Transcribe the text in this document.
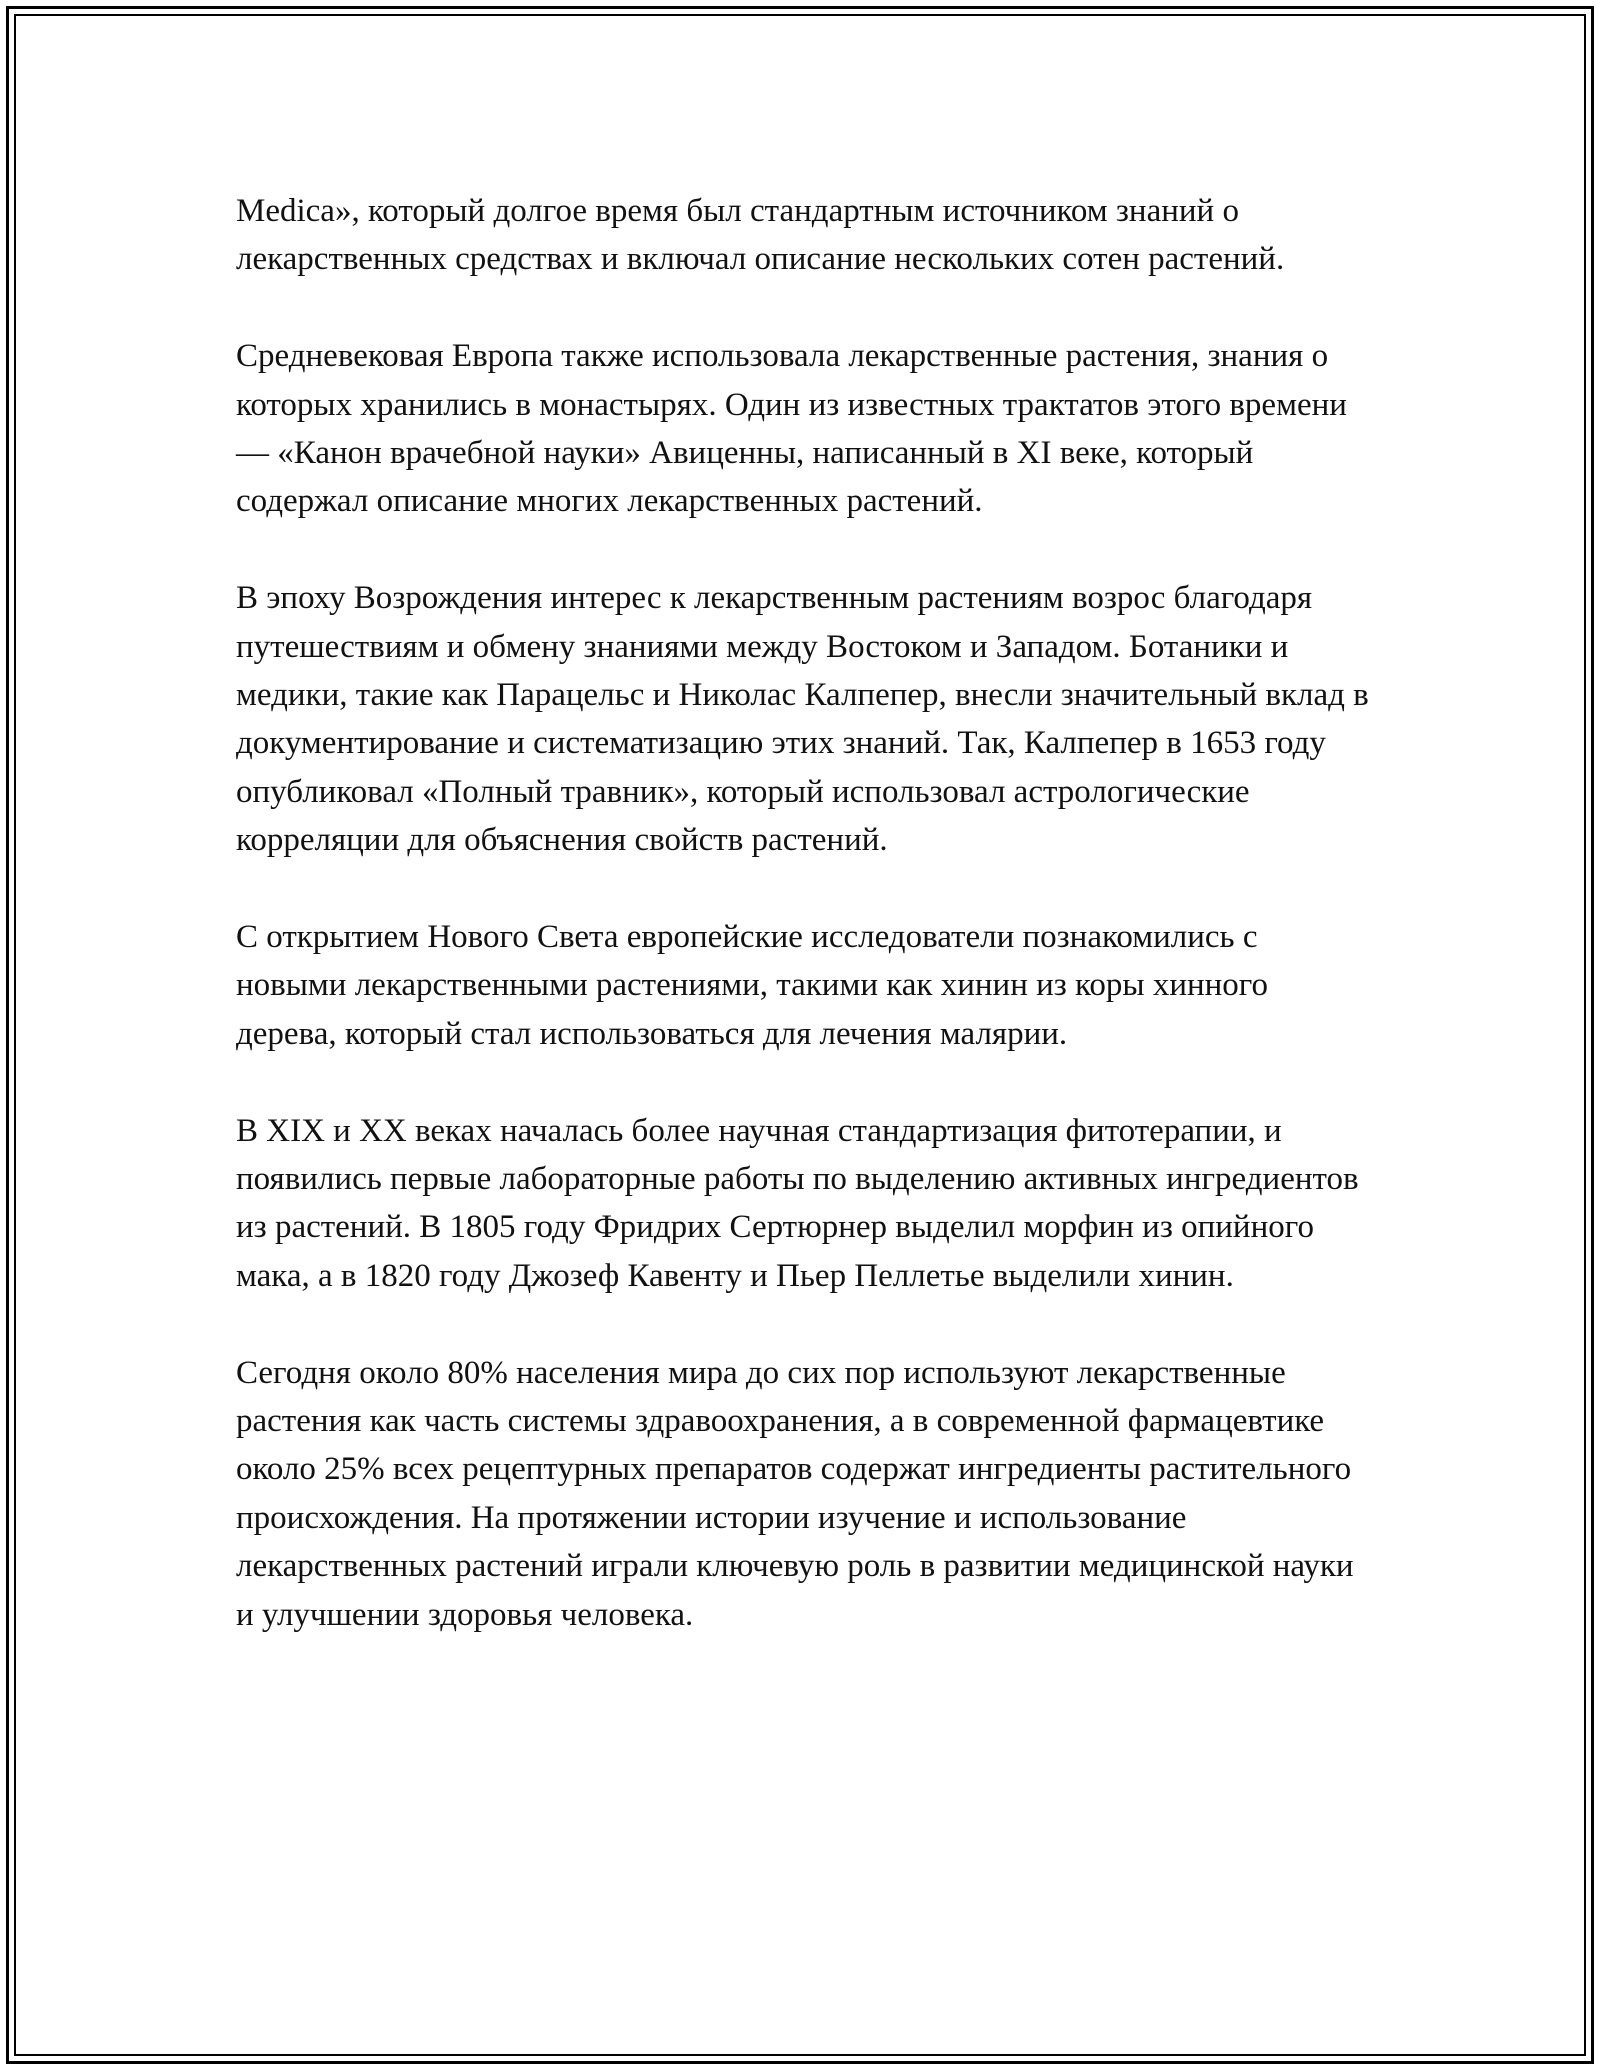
Medica», который долгое время был стандартным источником знаний о лекарственных средствах и включал описание нескольких сотен растений.

Средневековая Европа также использовала лекарственные растения, знания о которых хранились в монастырях. Один из известных трактатов этого времени — «Канон врачебной науки» Авиценны, написанный в XI веке, который содержал описание многих лекарственных растений.

В эпоху Возрождения интерес к лекарственным растениям возрос благодаря путешествиям и обмену знаниями между Востоком и Западом. Ботаники и медики, такие как Парацельс и Николас Калпепер, внесли значительный вклад в документирование и систематизацию этих знаний. Так, Калпепер в 1653 году опубликовал «Полный травник», который использовал астрологические корреляции для объяснения свойств растений.

С открытием Нового Света европейские исследователи познакомились с новыми лекарственными растениями, такими как хинин из коры хинного дерева, который стал использоваться для лечения малярии.

В XIX и XX веках началась более научная стандартизация фитотерапии, и появились первые лабораторные работы по выделению активных ингредиентов из растений. В 1805 году Фридрих Сертюрнер выделил морфин из опийного мака, а в 1820 году Джозеф Кавенту и Пьер Пеллетье выделили хинин.

Сегодня около 80% населения мира до сих пор используют лекарственные растения как часть системы здравоохранения, а в современной фармацевтике около 25% всех рецептурных препаратов содержат ингредиенты растительного происхождения. На протяжении истории изучение и использование лекарственных растений играли ключевую роль в развитии медицинской науки и улучшении здоровья человека.
